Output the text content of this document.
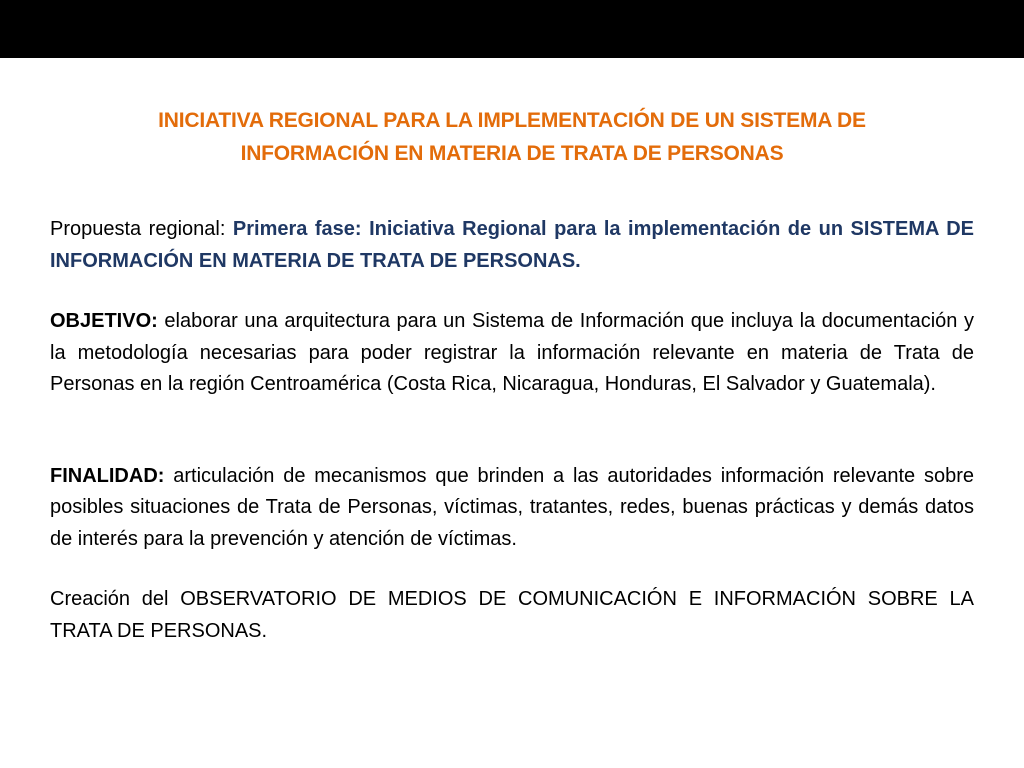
INICIATIVA REGIONAL PARA LA IMPLEMENTACIÓN DE UN SISTEMA DE
INFORMACIÓN EN MATERIA DE TRATA DE PERSONAS

Propuesta regional: Primera fase: Iniciativa Regional para la implementación de un SISTEMA DE INFORMACIÓN EN MATERIA DE TRATA DE PERSONAS.

OBJETIVO: elaborar una arquitectura para un Sistema de Información que incluya la documentación y la metodología necesarias para poder registrar la información relevante en materia de Trata de Personas en la región Centroamérica (Costa Rica, Nicaragua, Honduras, El Salvador y Guatemala).

FINALIDAD: articulación de mecanismos que brinden a las autoridades información relevante sobre posibles situaciones de Trata de Personas, víctimas, tratantes, redes, buenas prácticas y demás datos de interés para la prevención y atención de víctimas.

Creación del OBSERVATORIO DE MEDIOS DE COMUNICACIÓN E INFORMACIÓN SOBRE LA TRATA DE PERSONAS.
